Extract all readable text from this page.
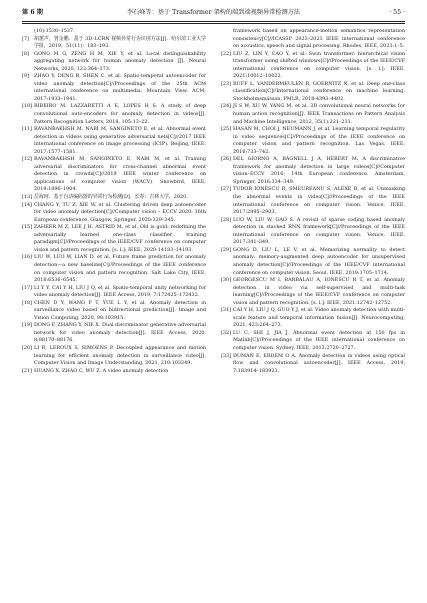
第 6 期	李石峰等：基于 Transformer 架构的端到端视频异常检测方法	· 55 ·

(10):1530–1537.

[7] 胡蕙声，曾金鹏．基于 3D–LCRN 视频异常行为识别方法[J]．哈尔滨工业大学学报，2019，51(11)：183–193.

[8] GONG M G, ZENG H M, XIE Y, et al. Local distinguishability aggregating network for human anomaly detection [J]. Neural Networks, 2020, 122:364–373.

[9] ZHAO Y, DENG B, SHEN C, et al. Spatio-temporal autoencoder for video anomaly detection[C]//Proceedings of the 25th ACM international conference on multimedia. Mountain View, ACM, 2017:1933–1941.

[10] RIBEIRO M, LAZZARETTI A E, LOPES H S. A study of deep convolutional auto-encoders for anomaly detection in videos[J]. Pattern Recognition Letters, 2018, 105:13–22.

[11] RAVANBAKHSH M, NABI M, SANGINETO E, et al. Abnormal event detection in videos using generative adversarial nets[C]//2017 IEEE international conference on image processing (ICIP). Beijing, IEEE, 2017:1577–1581.

[12] RAVANBAKHSH M, SANGINETO E, NABI M, et al. Training adversarial discriminators for cross-channel abnormal event detection in crowds[C]//2019 IEEE winter conference on applications of computer vision (WACV). Snowbird, IEEE, 2019:1896–1904.

[13] 岳海珂．基于自动编码器的异常行为检测[D]．长春：吉林大学，2020.

[14] CHANG Y, TU Z, XIE W, et al. Clustering driven deep autoencoder for video anomaly detection[C]//Computer vision – ECCV 2020: 16th European conference. Glasgow, Springer, 2020:329–345.

[15] ZAHEER M Z, LEE J H, ASTRID M, et al. Old is gold: redefining the adversarially learned one-class classifier training paradigm[C]//Proceedings of the IEEE/CVF conference on computer vision and pattern recognition. [s. l.]: IEEE, 2020:14183–14193.

[16] LIU W, LUO W, LIAN D, et al. Future frame prediction for anomaly detection—a new baseline[C]//Proceedings of the IEEE conference on computer vision and pattern recognition. Salt Lake City, IEEE, 2018:6536–6545.

[17] LI Y Y, CAI Y H, LIU J Q, et al. Spatio-temporal unity networking for video anomaly detection[J]. IEEE Access, 2019, 7:172425–172432.

[18] CHEN D Y, WANG P T, YUE L Y, et al. Anomaly detection in surveillance video based on bidirectional prediction[J]. Image and Vision Computing, 2020, 98:103915.

[19] DONG F, ZHANG Y, NIE X. Dual discriminator generative adversarial network for video anomaly detection[J]. IEEE Access, 2020, 8:88170–88176.

[20] LI B, LEROUX S, SIMOENS P. Decoupled appearance and motion learning for efficient anomaly detection in surveillance video[J]. Computer Vision and Image Understanding, 2021, 210:103249.

[21] HUANG X, ZHAO C, WU Z. A video anomaly detection

framework based on appearance-motion semantics representation consistency[C]//ICASSP 2023–2023 IEEE international conference on acoustics, speech and signal processing. Rhodes, IEEE, 2023:1–5.

[22] LIU Z, LIN Y, CAO Y, et al. Swin transformer: hierarchical vision transformer using shifted windows[C]//Proceedings of the IEEE/CVF international conference on computer vision. [s. l.]: IEEE, 2021:10012–10022.

[23] RUFF L, VANDERMEULEN R, GOERNITZ N, et al. Deep one-class classification[C]//International conference on machine learning. Stockholmsmässan, PMLR, 2018:4393–4402.

[24] JI S W, XU W, YANG M, et al. 3D convolutional neural networks for human action recognition[J]. IEEE Transactions on Pattern Analysis and Machine Intelligence, 2012, 35(1):221–231.

[25] HASAN M, CHOI J, NEUMANN J, et al. Learning temporal regularity in video sequences[C]//Proceedings of the IEEE conference on computer vision and pattern recognition. Las Vegas, IEEE, 2016:733–742.

[26] DEL GIORNO A, BAGNELL J A, HEBERT M. A discriminative framework for anomaly detection in large videos[C]//Computer vision–ECCV 2016; 14th European conference. Amsterdam, Springer, 2016:334–349.

[27] TUDOR IONESCU R, SMEUREANU S, ALEXE B, et al. Unmasking the abnormal events in video[C]//Proceedings of the IEEE international conference on computer vision. Venice, IEEE, 2017:2895–2903.

[28] LUO W, LIU W, GAO S. A revisit of sparse coding based anomaly detection in stacked RNN framework[C]//Proceedings of the IEEE international conference on computer vision. Venice, IEEE, 2017:341–349.

[29] GONG D, LIU L, LE V, et al. Memorizing normality to detect anomaly: memory-augmented deep autoencoder for unsupervised anomaly detection[C]//Proceedings of the IEEE/CVF international conference on computer vision. Seoul, IEEE, 2019:1705–1714.

[30] GEORGESCU M I, BARBALAU A, IONESCU R T, et al. Anomaly detection in video via self-supervised and multi-task learning[C]//Proceedings of the IEEE/CVF conference on computer vision and pattern recognition. [s. l.]: IEEE, 2021:12742–12752.

[31] CAI Y H, LIU J Q, GUO Y J, et al. Video anomaly detection with multi-scale feature and temporal information fusion[J]. Neurocomputing, 2021, 423:264–273.

[32] LU C, SHI J, JIA J. Abnormal event detection at 150 fps in Matlab[C]//Proceedings of the IEEE international conference on computer vision. Sydney, IEEE, 2013:2720–2727.

[33] DUMAN E, ERDEM O A. Anomaly detection in videos using optical flow and convolutional autoencoder[J]. IEEE Access, 2019, 7:183914–183923.
